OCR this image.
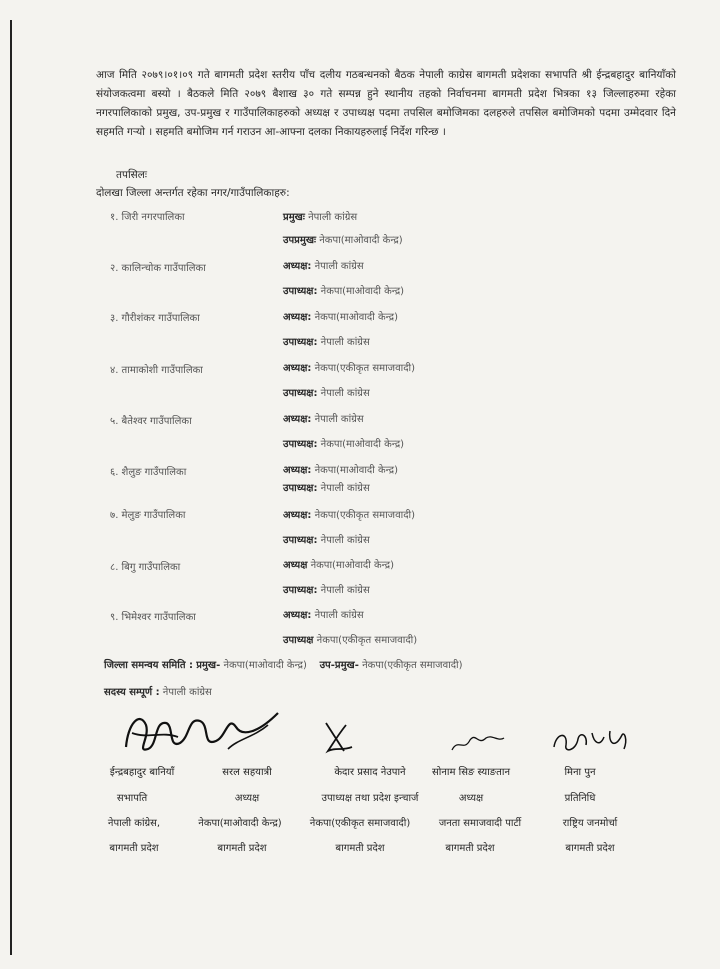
आज मिति २०७९।०१।०९ गते बागमती प्रदेश स्तरीय पाँच दलीय गठबन्धनको बैठक नेपाली काग्रेस बागमती प्रदेशका सभापति श्री ईन्द्रबहादुर बानियाँको संयोजकत्वमा बस्यो । बैठकले मिति २०७९ बैशाख ३० गते सम्पन्न हुने स्थानीय तहको निर्वाचनमा बागमती प्रदेश भित्रका १३ जिल्लाहरुमा रहेका नगरपालिकाको प्रमुख, उप-प्रमुख र गाउँपालिकाहरुको अध्यक्ष र उपाध्यक्ष पदमा तपसिल बमोजिमका दलहरुले तपसिल बमोजिमको पदमा उम्मेदवार दिने सहमति गऱ्यो । सहमति बमोजिम गर्न गराउन आ-आफ्ना दलका निकायहरुलाई निर्देश गरिन्छ ।

तपसिलः
दोलखा जिल्ला अन्तर्गत रहेका नगर/गाउँपालिकाहरु:
१. जिरी नगरपालिका	प्रमुखः नेपाली कांग्रेस
उपप्रमुखः नेकपा(माओवादी केन्द्र)
२. कालिन्चोक गाउँपालिका	अध्यक्ष: नेपाली कांग्रेस
उपाध्यक्ष: नेकपा(माओवादी केन्द्र)
३. गौरीशंकर गाउँपालिका	अध्यक्ष: नेकपा(माओवादी केन्द्र)
उपाध्यक्ष: नेपाली कांग्रेस
४. तामाकोशी गाउँपालिका	अध्यक्ष: नेकपा(एकीकृत समाजवादी)
उपाध्यक्ष: नेपाली कांग्रेस
५. बैतेश्वर गाउँपालिका	अध्यक्ष: नेपाली कांग्रेस
उपाध्यक्ष: नेकपा(माओवादी केन्द्र)
६. शैलुङ गाउँपालिका	अध्यक्ष: नेकपा(माओवादी केन्द्र)
उपाध्यक्ष: नेपाली कांग्रेस
७. मेलुङ गाउँपालिका	अध्यक्ष: नेकपा(एकीकृत समाजवादी)
उपाध्यक्ष: नेपाली कांग्रेस
८. बिगु गाउँपालिका	अध्यक्ष नेकपा(माओवादी केन्द्र)
उपाध्यक्ष: नेपाली कांग्रेस
९. भिमेश्वर गाउँपालिका	अध्यक्ष: नेपाली कांग्रेस
उपाध्यक्ष नेकपा(एकीकृत समाजवादी)
जिल्ला समन्वय समिति : प्रमुख- नेकपा(माओवादी केन्द्र) उप-प्रमुख- नेकपा(एकीकृत समाजवादी)
सदस्य सम्पूर्ण : नेपाली कांग्रेस
ईन्द्रबहादुर बानियाँ	सरल सहयात्री	केदार प्रसाद नेउपाने	सोनाम सिङ स्याङतान	मिना पुन
सभापति	अध्यक्ष	उपाध्यक्ष तथा प्रदेश इन्चार्ज	अध्यक्ष	प्रतिनिधि
नेपाली कांग्रेस,	नेकपा(माओवादी केन्द्र)	नेकपा(एकीकृत समाजवादी)	जनता समाजवादी पार्टी	राष्ट्रिय जनमोर्चा
बागमती प्रदेश	बागमती प्रदेश	बागमती प्रदेश	बागमती प्रदेश	बागमती प्रदेश
